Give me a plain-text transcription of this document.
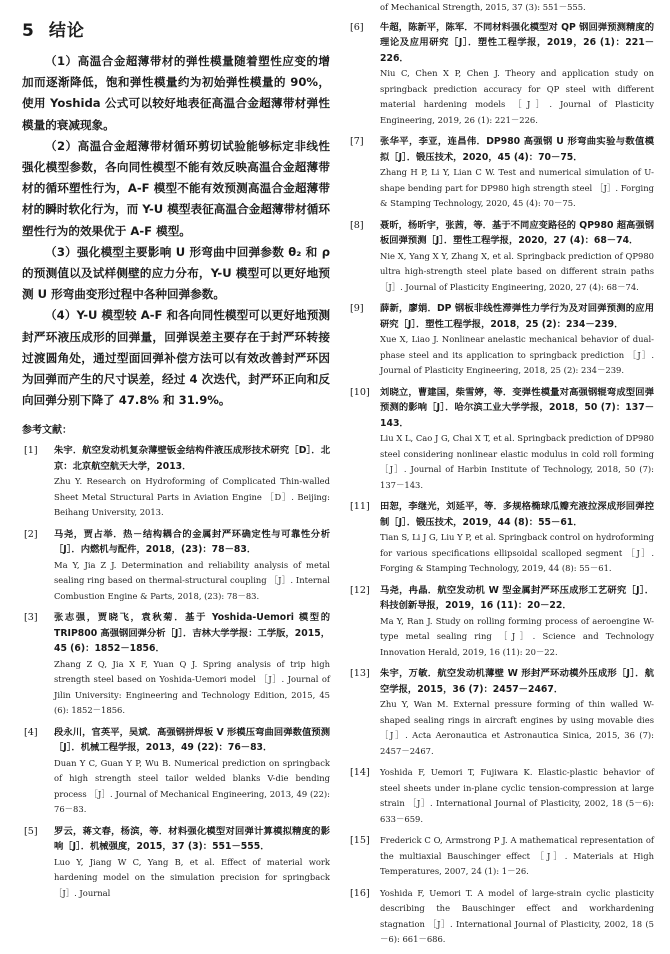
5 结论

（1）高温合金超薄带材的弹性模量随着塑性应变的增加而逐渐降低，饱和弹性模量约为初始弹性模量的 90%，使用 Yoshida 公式可以较好地表征高温合金超薄带材弹性模量的衰减现象。

（2）高温合金超薄带材循环剪切试验能够标定非线性强化模型参数，各向同性模型不能有效反映高温合金超薄带材的循环塑性行为，A-F 模型不能有效预测高温合金超薄带材的瞬时软化行为，而 Y-U 模型表征高温合金超薄带材循环塑性行为的效果优于 A-F 模型。

（3）强化模型主要影响 U 形弯曲中回弹参数 θ₂ 和 ρ 的预测值以及试样侧壁的应力分布，Y-U 模型可以更好地预测 U 形弯曲变形过程中各种回弹参数。

（4）Y-U 模型较 A-F 和各向同性模型可以更好地预测封严环液压成形的回弹量，回弹误差主要存在于封严环转接过渡圆角处，通过型面回弹补偿方法可以有效改善封严环因为回弹而产生的尺寸误差，经过 4 次迭代，封严环正向和反向回弹分别下降了 47.8% 和 31.9%。

参考文献：
[1] 朱宇．航空发动机复杂薄壁钣金结构件液压成形技术研究［D］．北京：北京航空航天大学，2013．
Zhu Y. Research on Hydroforming of Complicated Thin-walled Sheet Metal Structural Parts in Aviation Engine ［D］. Beijing: Beihang University, 2013.
[2] 马尧，贾占举．热－结构耦合的金属封严环确定性与可靠性分析［J］．内燃机与配件，2018，(23)：78－83．
Ma Y, Jia Z J. Determination and reliability analysis of metal sealing ring based on thermal-structural coupling ［J］. Internal Combustion Engine & Parts, 2018, (23): 78－83.
[3] 张志强，贾晓飞，袁秋菊．基于 Yoshida-Uemori 模型的 TRIP800 高强钢回弹分析［J］．吉林大学学报：工学版，2015，45 (6)：1852－1856．
Zhang Z Q, Jia X F, Yuan Q J. Spring analysis of trip high strength steel based on Yoshida-Uemori model ［J］. Journal of Jilin University: Engineering and Technology Edition, 2015, 45 (6): 1852－1856.
[4] 段永川，官英平，吴斌．高强钢拼焊板 V 形模压弯曲回弹数值预测［J］．机械工程学报，2013，49 (22)：76－83．
Duan Y C, Guan Y P, Wu B. Numerical prediction on springback of high strength steel tailor welded blanks V-die bending process ［J］. Journal of Mechanical Engineering, 2013, 49 (22): 76－83.
[5] 罗云，蒋文春，杨滨，等．材料强化模型对回弹计算模拟精度的影响［J］．机械强度，2015，37 (3)：551－555．
Luo Y, Jiang W C, Yang B, et al. Effect of material work hardening model on the simulation precision for springback ［J］. Journal
of Mechanical Strength, 2015, 37 (3): 551－555.
[6] 牛超，陈新平，陈军．不同材料强化模型对 QP 钢回弹预测精度的理论及应用研究［J］．塑性工程学报，2019，26 (1)：221－226．
Niu C, Chen X P, Chen J. Theory and application study on springback prediction accuracy for QP steel with different material hardening models ［J］. Journal of Plasticity Engineering, 2019, 26 (1): 221－226.
[7] 张华平，李亚，连昌伟．DP980 高强钢 U 形弯曲实验与数值模拟［J］．锻压技术，2020，45 (4)：70－75．
Zhang H P, Li Y, Lian C W. Test and numerical simulation of U-shape bending part for DP980 high strength steel ［J］. Forging & Stamping Technology, 2020, 45 (4): 70－75.
[8] 聂昕，杨昕宇，张茜，等．基于不同应变路径的 QP980 超高强钢板回弹预测［J］．塑性工程学报，2020，27 (4)：68－74．
Nie X, Yang X Y, Zhang X, et al. Springback prediction of QP980 ultra high-strength steel plate based on different strain paths ［J］. Journal of Plasticity Engineering, 2020, 27 (4): 68－74.
[9] 薛新，廖娟．DP 钢板非线性滞弹性力学行为及对回弹预测的应用研究［J］．塑性工程学报，2018，25 (2)：234－239．
Xue X, Liao J. Nonlinear anelastic mechanical behavior of dual-phase steel and its application to springback prediction ［J］. Journal of Plasticity Engineering, 2018, 25 (2): 234－239.
[10] 刘晓立，曹建国，柴雪婷，等．变弹性模量对高强钢辊弯成型回弹预测的影响［J］．哈尔滨工业大学学报，2018，50 (7)：137－143．
Liu X L, Cao J G, Chai X T, et al. Springback prediction of DP980 steel considering nonlinear elastic modulus in cold roll forming ［J］. Journal of Harbin Institute of Technology, 2018, 50 (7): 137－143.
[11] 田恕，李继光，刘延平，等．多规格椭球瓜瓣充液拉深成形回弹控制［J］．锻压技术，2019，44 (8)：55－61．
Tian S, Li J G, Liu Y P, et al. Springback control on hydroforming for various specifications ellipsoidal scalloped segment ［J］. Forging & Stamping Technology, 2019, 44 (8): 55－61.
[12] 马尧，冉晶．航空发动机 W 型金属封严环压成形工艺研究［J］．科技创新导报，2019，16 (11)：20－22．
Ma Y, Ran J. Study on rolling forming process of aeroengine W-type metal sealing ring ［J］. Science and Technology Innovation Herald, 2019, 16 (11): 20－22.
[13] 朱宇，万敏．航空发动机薄壁 W 形封严环动模外压成形［J］．航空学报，2015，36 (7)：2457－2467．
Zhu Y, Wan M. External pressure forming of thin walled W-shaped sealing rings in aircraft engines by using movable dies ［J］. Acta Aeronautica et Astronautica Sinica, 2015, 36 (7): 2457－2467.
[14] Yoshida F, Uemori T, Fujiwara K. Elastic-plastic behavior of steel sheets under in-plane cyclic tension-compression at large strain ［J］. International Journal of Plasticity, 2002, 18 (5－6): 633－659.
[15] Frederick C O, Armstrong P J. A mathematical representation of the multiaxial Bauschinger effect ［J］. Materials at High Temperatures, 2007, 24 (1): 1－26.
[16] Yoshida F, Uemori T. A model of large-strain cyclic plasticity describing the Bauschinger effect and workhardening stagnation ［J］. International Journal of Plasticity, 2002, 18 (5－6): 661－686.
